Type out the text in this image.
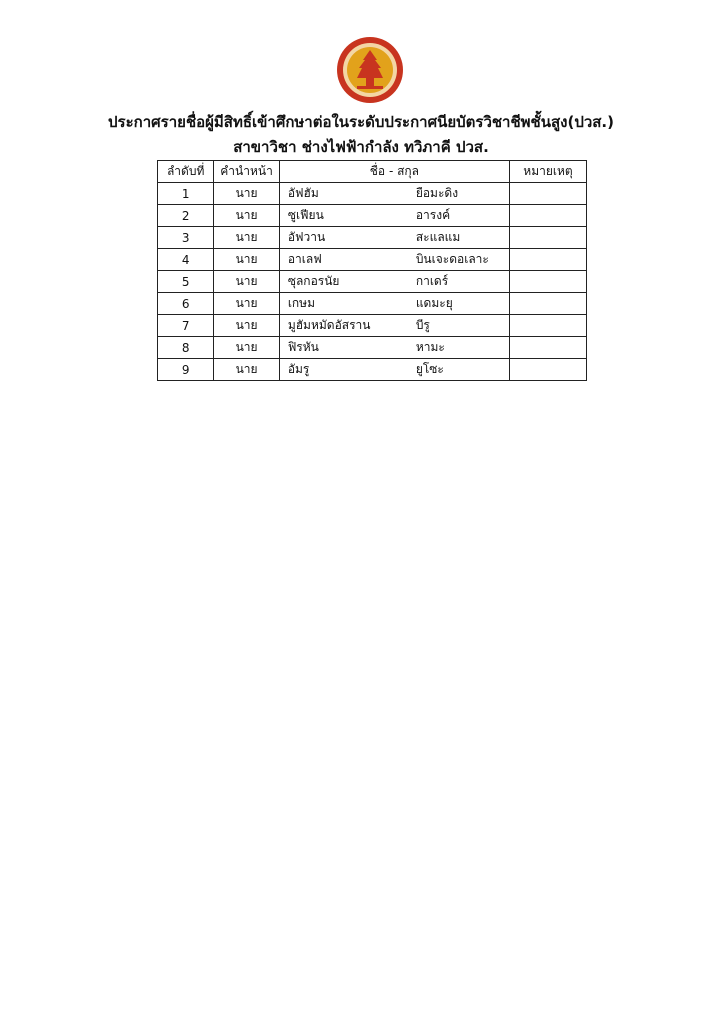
ประกาศรายชื่อผู้มีสิทธิ์เข้าศึกษาต่อในระดับประกาศนียบัตรวิชาชีพชั้นสูง(ปวส.)
สาขาวิชา ช่างไฟฟ้ากำลัง ทวิภาคี ปวส.
ลำดับที่	คำนำหน้า	ชื่อ - สกุล	หมายเหตุ
1	นาย	อัฟฮัม ยือมะดิง	
2	นาย	ซูเฟียน อารงค์	
3	นาย	อัฟวาน สะแลแม	
4	นาย	อาเลฟ บินเจะดอเลาะ	
5	นาย	ซุลกอรนัย กาเดร์	
6	นาย	เกษม แดมะยุ	
7	นาย	มูฮัมหมัดอัสราน บีรู	
8	นาย	ฟิรหัน หามะ	
9	นาย	อัมรู ยูโซะ	
